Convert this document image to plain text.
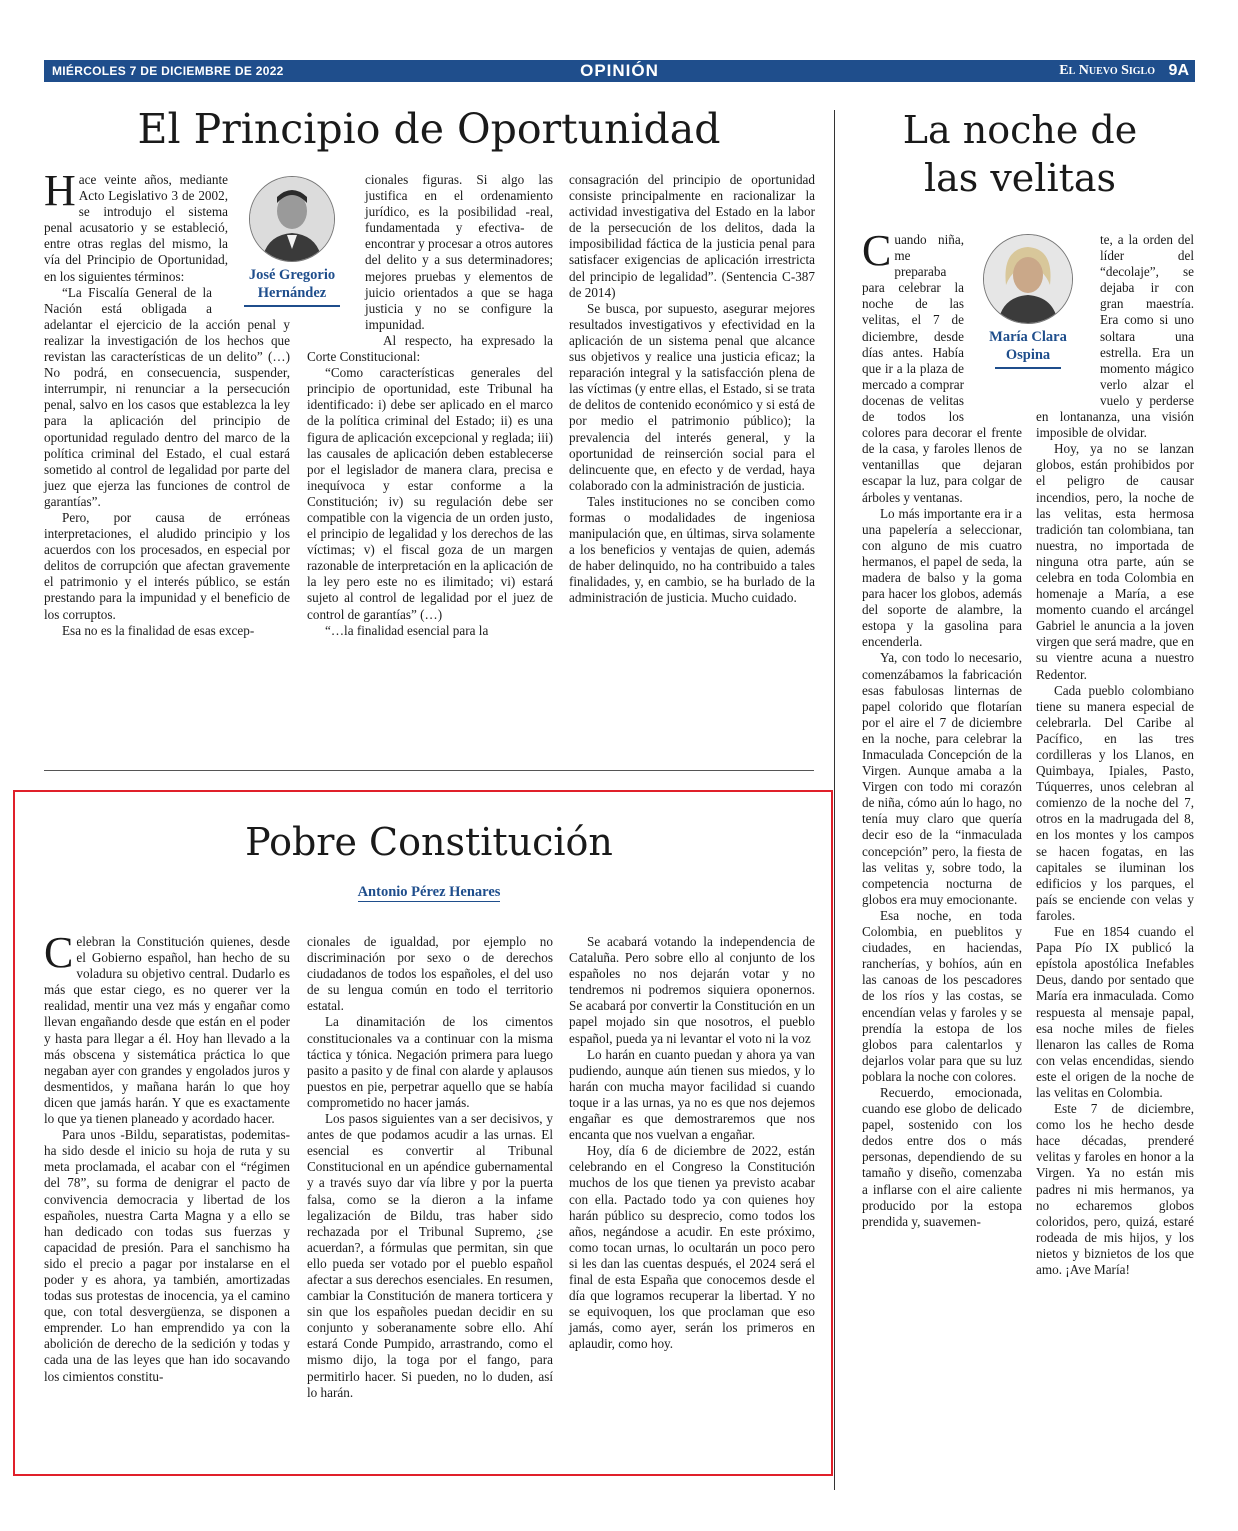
MIÉRCOLES 7 DE DICIEMBRE DE 2022	OPINIÓN	El Nuevo Siglo 9A
El Principio de Oportunidad

Hace veinte años, mediante Acto Legislativo 3 de 2002, se introdujo el sistema penal acusatorio y se estableció, entre otras reglas del mismo, la vía del Principio de Oportunidad, en los siguientes términos:

“La Fiscalía General de la Nación está obligada a adelantar el ejercicio de la acción penal y realizar la investigación de los hechos que revistan las características de un delito” (…) No podrá, en consecuencia, suspender, interrumpir, ni renunciar a la persecución penal, salvo en los casos que establezca la ley para la aplicación del principio de oportunidad regulado dentro del marco de la política criminal del Estado, el cual estará sometido al control de legalidad por parte del juez que ejerza las funciones de control de garantías”.

Pero, por causa de erróneas interpretaciones, el aludido principio y los acuerdos con los procesados, en especial por delitos de corrupción que afectan gravemente el patrimonio y el interés público, se están prestando para la impunidad y el beneficio de los corruptos.

Esa no es la finalidad de esas excep-

José Gregorio Hernández

cionales figuras. Si algo las justifica en el ordenamiento jurídico, es la posibilidad -real, fundamentada y efectiva- de encontrar y procesar a otros autores del delito y a sus determinadores; mejores pruebas y elementos de juicio orientados a que se haga justicia y no se configure la impunidad.

Al respecto, ha expresado la Corte Constitucional:

“Como características generales del principio de oportunidad, este Tribunal ha identificado: i) debe ser aplicado en el marco de la política criminal del Estado; ii) es una figura de aplicación excepcional y reglada; iii) las causales de aplicación deben establecerse por el legislador de manera clara, precisa e inequívoca y estar conforme a la Constitución; iv) su regulación debe ser compatible con la vigencia de un orden justo, el principio de legalidad y los derechos de las víctimas; v) el fiscal goza de un margen razonable de interpretación en la aplicación de la ley pero este no es ilimitado; vi) estará sujeto al control de legalidad por el juez de control de garantías” (…)

“…la finalidad esencial para la

consagración del principio de oportunidad consiste principalmente en racionalizar la actividad investigativa del Estado en la labor de la persecución de los delitos, dada la imposibilidad fáctica de la justicia penal para satisfacer exigencias de aplicación irrestricta del principio de legalidad”. (Sentencia C-387 de 2014)

Se busca, por supuesto, asegurar mejores resultados investigativos y efectividad en la aplicación de un sistema penal que alcance sus objetivos y realice una justicia eficaz; la reparación integral y la satisfacción plena de las víctimas (y entre ellas, el Estado, si se trata de delitos de contenido económico y si está de por medio el patrimonio público); la prevalencia del interés general, y la oportunidad de reinserción social para el delincuente que, en efecto y de verdad, haya colaborado con la administración de justicia.

Tales instituciones no se conciben como formas o modalidades de ingeniosa manipulación que, en últimas, sirva solamente a los beneficios y ventajas de quien, además de haber delinquido, no ha contribuido a tales finalidades, y, en cambio, se ha burlado de la administración de justicia. Mucho cuidado.

Pobre Constitución
Antonio Pérez Henares

Celebran la Constitución quienes, desde el Gobierno español, han hecho de su voladura su objetivo central. Dudarlo es más que estar ciego, es no querer ver la realidad, mentir una vez más y engañar como llevan engañando desde que están en el poder y hasta para llegar a él. Hoy han llevado a la más obscena y sistemática práctica lo que negaban ayer con grandes y engolados juros y desmentidos, y mañana harán lo que hoy dicen que jamás harán. Y que es exactamente lo que ya tienen planeado y acordado hacer.

Para unos -Bildu, separatistas, podemitas- ha sido desde el inicio su hoja de ruta y su meta proclamada, el acabar con el “régimen del 78”, su forma de denigrar el pacto de convivencia democracia y libertad de los españoles, nuestra Carta Magna y a ello se han dedicado con todas sus fuerzas y capacidad de presión. Para el sanchismo ha sido el precio a pagar por instalarse en el poder y es ahora, ya también, amortizadas todas sus protestas de inocencia, ya el camino que, con total desvergüenza, se disponen a emprender. Lo han emprendido ya con la abolición de derecho de la sedición y todas y cada una de las leyes que han ido socavando los cimientos constitu-

cionales de igualdad, por ejemplo no discriminación por sexo o de derechos ciudadanos de todos los españoles, el del uso de su lengua común en todo el territorio estatal.

La dinamitación de los cimentos constitucionales va a continuar con la misma táctica y tónica. Negación primera para luego pasito a pasito y de final con alarde y aplausos puestos en pie, perpetrar aquello que se había comprometido no hacer jamás.

Los pasos siguientes van a ser decisivos, y antes de que podamos acudir a las urnas. El esencial es convertir al Tribunal Constitucional en un apéndice gubernamental y a través suyo dar vía libre y por la puerta falsa, como se la dieron a la infame legalización de Bildu, tras haber sido rechazada por el Tribunal Supremo, ¿se acuerdan?, a fórmulas que permitan, sin que ello pueda ser votado por el pueblo español afectar a sus derechos esenciales. En resumen, cambiar la Constitución de manera torticera y sin que los españoles puedan decidir en su conjunto y soberanamente sobre ello. Ahí estará Conde Pumpido, arrastrando, como el mismo dijo, la toga por el fango, para permitirlo hacer. Si pueden, no lo duden, así lo harán.

Se acabará votando la independencia de Cataluña. Pero sobre ello al conjunto de los españoles no nos dejarán votar y no tendremos ni podremos siquiera oponernos. Se acabará por convertir la Constitución en un papel mojado sin que nosotros, el pueblo español, pueda ya ni levantar el voto ni la voz

Lo harán en cuanto puedan y ahora ya van pudiendo, aunque aún tienen sus miedos, y lo harán con mucha mayor facilidad si cuando toque ir a las urnas, ya no es que nos dejemos engañar es que demostraremos que nos encanta que nos vuelvan a engañar.

Hoy, día 6 de diciembre de 2022, están celebrando en el Congreso la Constitución muchos de los que tienen ya previsto acabar con ella. Pactado todo ya con quienes hoy harán público su desprecio, como todos los años, negándose a acudir. En este próximo, como tocan urnas, lo ocultarán un poco pero si les dan las cuentas después, el 2024 será el final de esta España que conocemos desde el día que logramos recuperar la libertad. Y no se equivoquen, los que proclaman que eso jamás, como ayer, serán los primeros en aplaudir, como hoy.

La noche de
las velitas

Cuando niña, me preparaba para celebrar la noche de las velitas, el 7 de diciembre, desde días antes. Había que ir a la plaza de mercado a comprar docenas de velitas de todos los colores para decorar el frente de la casa, y faroles llenos de ventanillas que dejaran escapar la luz, para colgar de árboles y ventanas.

Lo más importante era ir a una papelería a seleccionar, con alguno de mis cuatro hermanos, el papel de seda, la madera de balso y la goma para hacer los globos, además del soporte de alambre, la estopa y la gasolina para encenderla.

Ya, con todo lo necesario, comenzábamos la fabricación esas fabulosas linternas de papel colorido que flotarían por el aire el 7 de diciembre en la noche, para celebrar la Inmaculada Concepción de la Virgen. Aunque amaba a la Virgen con todo mi corazón de niña, cómo aún lo hago, no tenía muy claro que quería decir eso de la “inmaculada concepción” pero, la fiesta de las velitas y, sobre todo, la competencia nocturna de globos era muy emocionante.

Esa noche, en toda Colombia, en pueblitos y ciudades, en haciendas, rancherías, y bohíos, aún en las canoas de los pescadores de los ríos y las costas, se encendían velas y faroles y se prendía la estopa de los globos para calentarlos y dejarlos volar para que su luz poblara la noche con colores.

Recuerdo, emocionada, cuando ese globo de delicado papel, sostenido con los dedos entre dos o más personas, dependiendo de su tamaño y diseño, comenzaba a inflarse con el aire caliente producido por la estopa prendida y, suavemen-

María Clara Ospina

te, a la orden del líder del “decolaje”, se dejaba ir con gran maestría. Era como si uno soltara una estrella. Era un momento mágico verlo alzar el vuelo y perderse en lontananza, una visión imposible de olvidar.

Hoy, ya no se lanzan globos, están prohibidos por el peligro de causar incendios, pero, la noche de las velitas, esta hermosa tradición tan colombiana, tan nuestra, no importada de ninguna otra parte, aún se celebra en toda Colombia en homenaje a María, a ese momento cuando el arcángel Gabriel le anuncia a la joven virgen que será madre, que en su vientre acuna a nuestro Redentor.

Cada pueblo colombiano tiene su manera especial de celebrarla. Del Caribe al Pacífico, en las tres cordilleras y los Llanos, en Quimbaya, Ipiales, Pasto, Túquerres, unos celebran al comienzo de la noche del 7, otros en la madrugada del 8, en los montes y los campos se hacen fogatas, en las capitales se iluminan los edificios y los parques, el país se enciende con velas y faroles.

Fue en 1854 cuando el Papa Pío IX publicó la epístola apostólica Inefables Deus, dando por sentado que María era inmaculada. Como respuesta al mensaje papal, esa noche miles de fieles llenaron las calles de Roma con velas encendidas, siendo este el origen de la noche de las velitas en Colombia.

Este 7 de diciembre, como los he hecho desde hace décadas, prenderé velitas y faroles en honor a la Virgen. Ya no están mis padres ni mis hermanos, ya no echaremos globos coloridos, pero, quizá, estaré rodeada de mis hijos, y los nietos y biznietos de los que amo. ¡Ave María!
